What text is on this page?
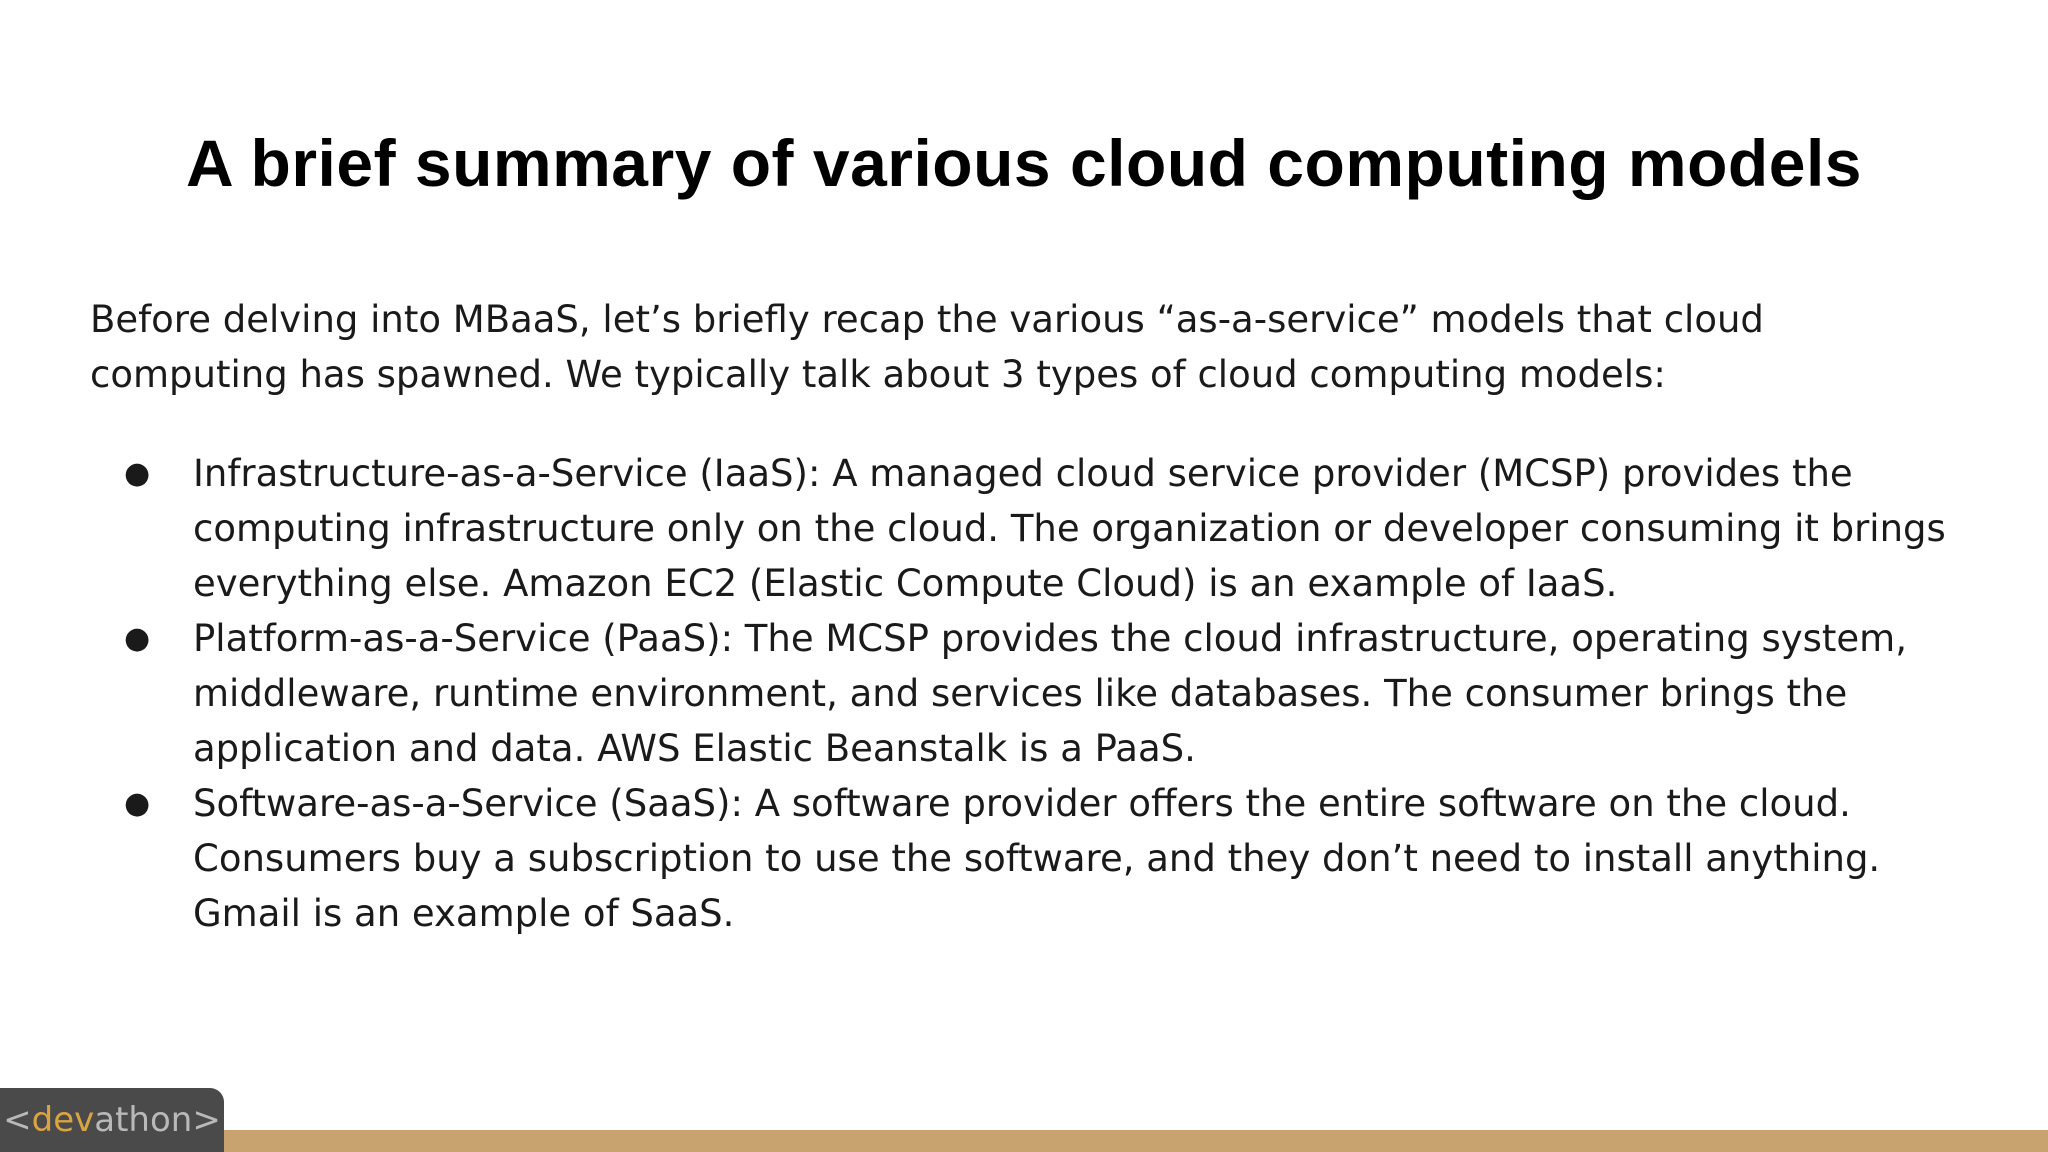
A brief summary of various cloud computing models

Before delving into MBaaS, let’s briefly recap the various “as-a-service” models that cloud computing has spawned. We typically talk about 3 types of cloud computing models:

● Infrastructure-as-a-Service (IaaS): A managed cloud service provider (MCSP) provides the computing infrastructure only on the cloud. The organization or developer consuming it brings everything else. Amazon EC2 (Elastic Compute Cloud) is an example of IaaS.
● Platform-as-a-Service (PaaS): The MCSP provides the cloud infrastructure, operating system, middleware, runtime environment, and services like databases. The consumer brings the application and data. AWS Elastic Beanstalk is a PaaS.
● Software-as-a-Service (SaaS): A software provider offers the entire software on the cloud. Consumers buy a subscription to use the software, and they don’t need to install anything. Gmail is an example of SaaS.
< dev athon >
